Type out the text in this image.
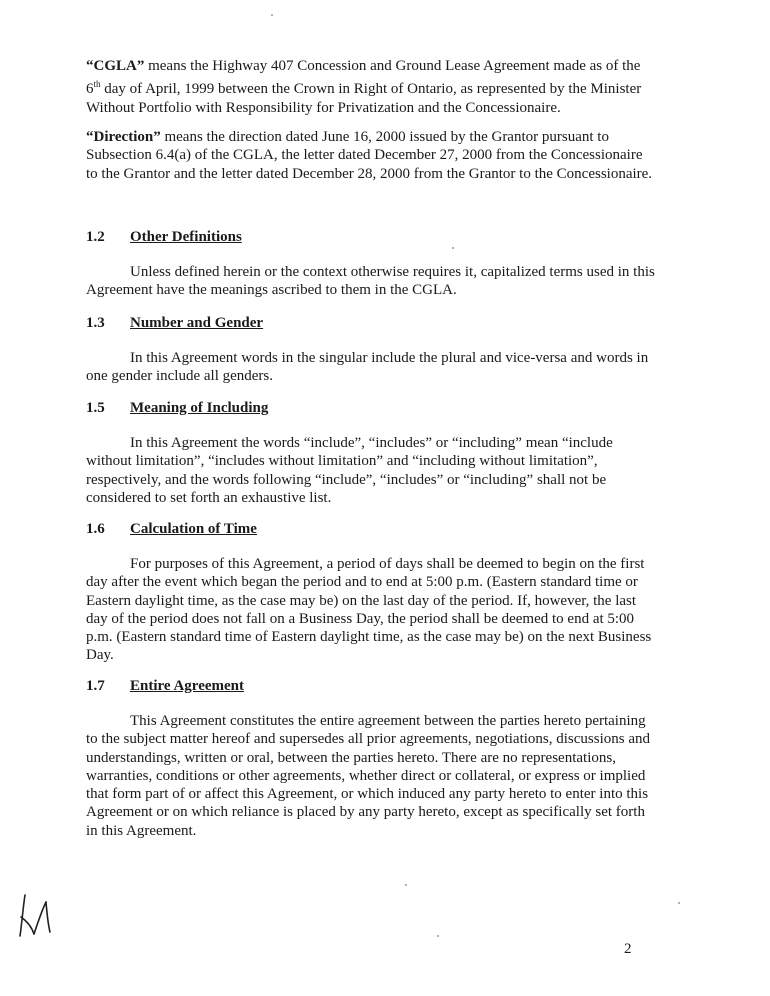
“CGLA” means the Highway 407 Concession and Ground Lease Agreement made as of the 6th day of April, 1999 between the Crown in Right of Ontario, as represented by the Minister Without Portfolio with Responsibility for Privatization and the Concessionaire.

“Direction” means the direction dated June 16, 2000 issued by the Grantor pursuant to Subsection 6.4(a) of the CGLA, the letter dated December 27, 2000 from the Concessionaire to the Grantor and the letter dated December 28, 2000 from the Grantor to the Concessionaire.

1.2 Other Definitions

Unless defined herein or the context otherwise requires it, capitalized terms used in this Agreement have the meanings ascribed to them in the CGLA.

1.3 Number and Gender

In this Agreement words in the singular include the plural and vice-versa and words in one gender include all genders.

1.5 Meaning of Including

In this Agreement the words “include”, “includes” or “including” mean “include without limitation”, “includes without limitation” and “including without limitation”, respectively, and the words following “include”, “includes” or “including” shall not be considered to set forth an exhaustive list.

1.6 Calculation of Time

For purposes of this Agreement, a period of days shall be deemed to begin on the first day after the event which began the period and to end at 5:00 p.m. (Eastern standard time or Eastern daylight time, as the case may be) on the last day of the period. If, however, the last day of the period does not fall on a Business Day, the period shall be deemed to end at 5:00 p.m. (Eastern standard time of Eastern daylight time, as the case may be) on the next Business Day.

1.7 Entire Agreement

This Agreement constitutes the entire agreement between the parties hereto pertaining to the subject matter hereof and supersedes all prior agreements, negotiations, discussions and understandings, written or oral, between the parties hereto. There are no representations, warranties, conditions or other agreements, whether direct or collateral, or express or implied that form part of or affect this Agreement, or which induced any party hereto to enter into this Agreement or on which reliance is placed by any party hereto, except as specifically set forth in this Agreement.

2
